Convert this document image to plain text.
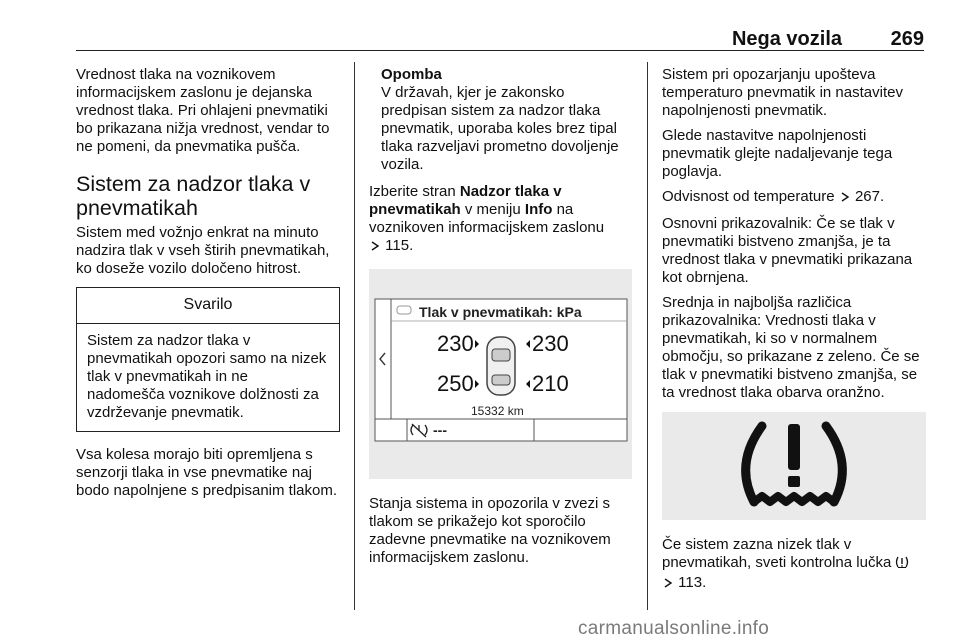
Nega vozila 269

Vrednost tlaka na voznikovem informacijskem zaslonu je dejanska vrednost tlaka. Pri ohlajeni pnevmatiki bo prikazana nižja vrednost, vendar to ne pomeni, da pnevmatika pušča.

Sistem za nadzor tlaka v pnevmatikah

Sistem med vožnjo enkrat na minuto nadzira tlak v vseh štirih pnevmatikah, ko doseže vozilo določeno hitrost.

Svarilo
Sistem za nadzor tlaka v pnevmatikah opozori samo na nizek tlak v pnevmatikah in ne nadomešča voznikove dolžnosti za vzdrževanje pnevmatik.

Vsa kolesa morajo biti opremljena s senzorji tlaka in vse pnevmatike naj bodo napolnjene s predpisanim tlakom.

Opomba
V državah, kjer je zakonsko predpisan sistem za nadzor tlaka pnevmatik, uporaba koles brez tipal tlaka razveljavi prometno dovoljenje vozila.

Izberite stran Nadzor tlaka v pnevmatikah v meniju Info na voznikoven informacijskem zaslonu
115.

Tlak v pnevmatikah: kPa
230	230
250	210
15332 km
---

Stanja sistema in opozorila v zvezi s tlakom se prikažejo kot sporočilo zadevne pnevmatike na voznikovem informacijskem zaslonu.

Sistem pri opozarjanju upošteva temperaturo pnevmatik in nastavitev napolnjenosti pnevmatik.

Glede nastavitve napolnjenosti pnevmatik glejte nadaljevanje tega poglavja.

Odvisnost od temperature 267.

Osnovni prikazovalnik: Če se tlak v pnevmatiki bistveno zmanjša, je ta vrednost tlaka v pnevmatiki prikazana kot obrnjena.

Srednja in najboljša različica prikazovalnika: Vrednosti tlaka v pnevmatikah, ki so v normalnem območju, so prikazane z zeleno. Če se tlak v pnevmatiki bistveno zmanjša, se ta vrednost tlaka obarva oranžno.

Če sistem zazna nizek tlak v pnevmatikah, sveti kontrolna lučka
113.

carmanualsonline.info
